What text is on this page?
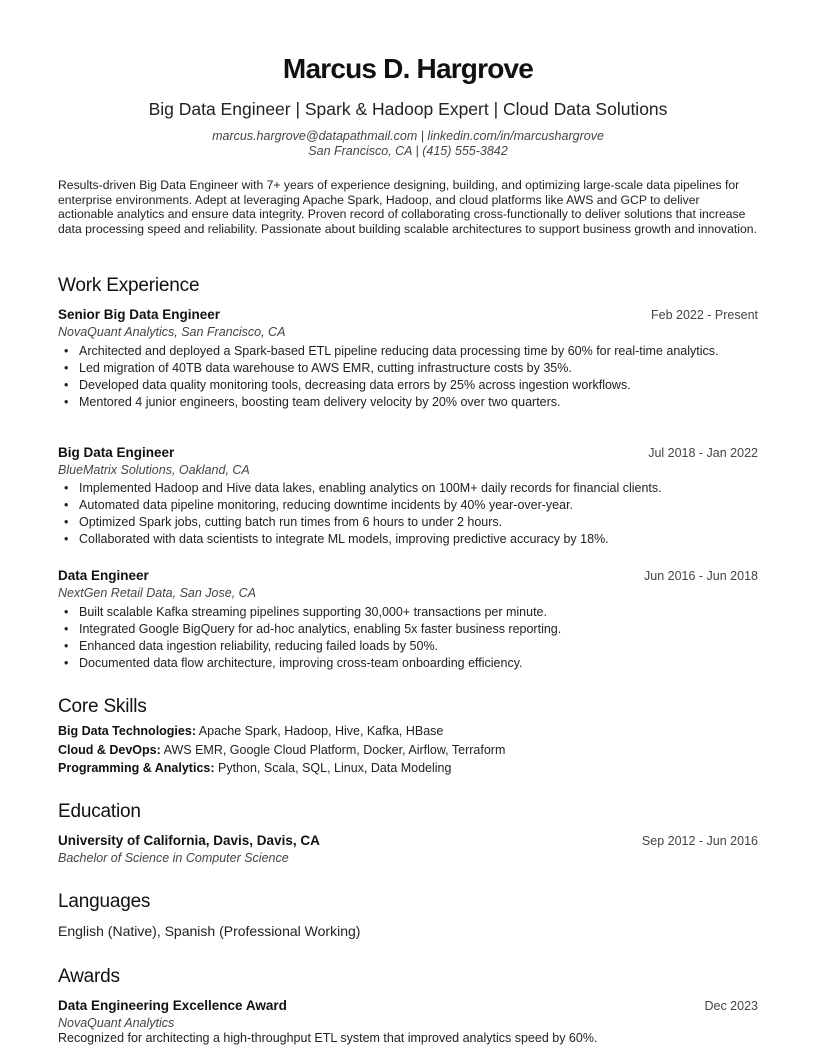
Marcus D. Hargrove
Big Data Engineer | Spark & Hadoop Expert | Cloud Data Solutions
marcus.hargrove@datapathmail.com | linkedin.com/in/marcushargrove
San Francisco, CA | (415) 555-3842
Results-driven Big Data Engineer with 7+ years of experience designing, building, and optimizing large-scale data pipelines for enterprise environments. Adept at leveraging Apache Spark, Hadoop, and cloud platforms like AWS and GCP to deliver actionable analytics and ensure data integrity. Proven record of collaborating cross-functionally to deliver solutions that increase data processing speed and reliability. Passionate about building scalable architectures to support business growth and innovation.
Work Experience
Senior Big Data Engineer	Feb 2022 - Present
NovaQuant Analytics, San Francisco, CA
• Architected and deployed a Spark-based ETL pipeline reducing data processing time by 60% for real-time analytics.
• Led migration of 40TB data warehouse to AWS EMR, cutting infrastructure costs by 35%.
• Developed data quality monitoring tools, decreasing data errors by 25% across ingestion workflows.
• Mentored 4 junior engineers, boosting team delivery velocity by 20% over two quarters.
Big Data Engineer	Jul 2018 - Jan 2022
BlueMatrix Solutions, Oakland, CA
• Implemented Hadoop and Hive data lakes, enabling analytics on 100M+ daily records for financial clients.
• Automated data pipeline monitoring, reducing downtime incidents by 40% year-over-year.
• Optimized Spark jobs, cutting batch run times from 6 hours to under 2 hours.
• Collaborated with data scientists to integrate ML models, improving predictive accuracy by 18%.
Data Engineer	Jun 2016 - Jun 2018
NextGen Retail Data, San Jose, CA
• Built scalable Kafka streaming pipelines supporting 30,000+ transactions per minute.
• Integrated Google BigQuery for ad-hoc analytics, enabling 5x faster business reporting.
• Enhanced data ingestion reliability, reducing failed loads by 50%.
• Documented data flow architecture, improving cross-team onboarding efficiency.
Core Skills
Big Data Technologies: Apache Spark, Hadoop, Hive, Kafka, HBase
Cloud & DevOps: AWS EMR, Google Cloud Platform, Docker, Airflow, Terraform
Programming & Analytics: Python, Scala, SQL, Linux, Data Modeling
Education
University of California, Davis, Davis, CA	Sep 2012 - Jun 2016
Bachelor of Science in Computer Science
Languages
English (Native), Spanish (Professional Working)
Awards
Data Engineering Excellence Award	Dec 2023
NovaQuant Analytics
Recognized for architecting a high-throughput ETL system that improved analytics speed by 60%.
